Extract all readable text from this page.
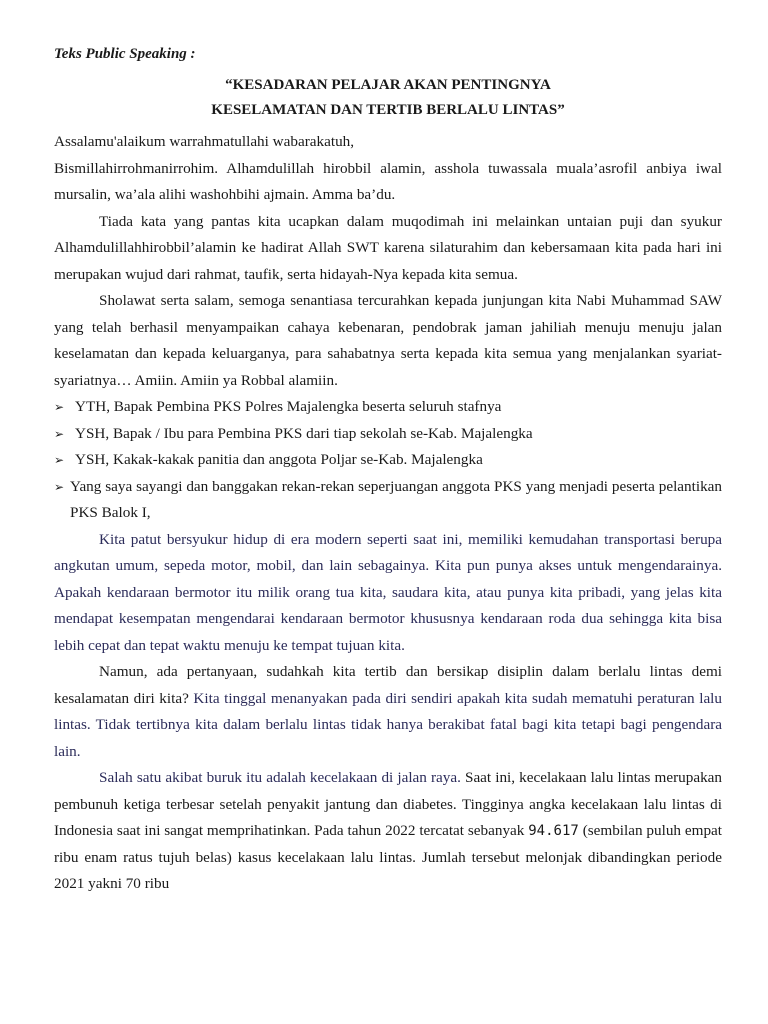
Teks Public Speaking :
“KESADARAN PELAJAR AKAN PENTINGNYA
KESELAMATAN DAN TERTIB BERLALU LINTAS”

Assalamu'alaikum warrahmatullahi wabarakatuh,

Bismillahirrohmanirrohim. Alhamdulillah hirobbil alamin, asshola tuwassala muala’asrofil anbiya iwal mursalin, wa’ala alihi washohbihi ajmain. Amma ba’du.

Tiada kata yang pantas kita ucapkan dalam muqodimah ini melainkan untaian puji dan syukur Alhamdulillahhirobbil’alamin ke hadirat Allah SWT karena silaturahim dan kebersamaan kita pada hari ini merupakan wujud dari rahmat, taufik, serta hidayah-Nya kepada kita semua.

Sholawat serta salam, semoga senantiasa tercurahkan kepada junjungan kita Nabi Muhammad SAW yang telah berhasil menyampaikan cahaya kebenaran, pendobrak jaman jahiliah menuju menuju jalan keselamatan dan kepada keluarganya, para sahabatnya serta kepada kita semua yang menjalankan syariat-syariatnya… Amiin. Amiin ya Robbal alamiin.

➢ YTH, Bapak Pembina PKS Polres Majalengka beserta seluruh stafnya
➢ YSH, Bapak / Ibu para Pembina PKS dari tiap sekolah se-Kab. Majalengka
➢ YSH, Kakak-kakak panitia dan anggota Poljar se-Kab. Majalengka
➢ Yang saya sayangi dan banggakan rekan-rekan seperjuangan anggota PKS yang menjadi peserta pelantikan PKS Balok I,

Kita patut bersyukur hidup di era modern seperti saat ini, memiliki kemudahan transportasi berupa angkutan umum, sepeda motor, mobil, dan lain sebagainya. Kita pun punya akses untuk mengendarainya. Apakah kendaraan bermotor itu milik orang tua kita, saudara kita, atau punya kita pribadi, yang jelas kita mendapat kesempatan mengendarai kendaraan bermotor khususnya kendaraan roda dua sehingga kita bisa lebih cepat dan tepat waktu menuju ke tempat tujuan kita.

Namun, ada pertanyaan, sudahkah kita tertib dan bersikap disiplin dalam berlalu lintas demi kesalamatan diri kita? Kita tinggal menanyakan pada diri sendiri apakah kita sudah mematuhi peraturan lalu lintas. Tidak tertibnya kita dalam berlalu lintas tidak hanya berakibat fatal bagi kita tetapi bagi pengendara lain.

Salah satu akibat buruk itu adalah kecelakaan di jalan raya. Saat ini, kecelakaan lalu lintas merupakan pembunuh ketiga terbesar setelah penyakit jantung dan diabetes. Tingginya angka kecelakaan lalu lintas di Indonesia saat ini sangat memprihatinkan. Pada tahun 2022 tercatat sebanyak 94.617 (sembilan puluh empat ribu enam ratus tujuh belas) kasus kecelakaan lalu lintas. Jumlah tersebut melonjak dibandingkan periode 2021 yakni 70 ribu
